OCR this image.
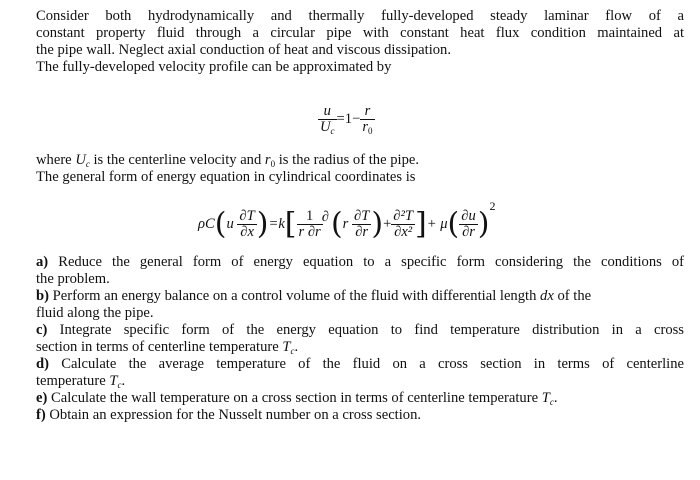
Consider both hydrodynamically and thermally fully-developed steady laminar flow of a
constant property fluid through a circular pipe with constant heat flux condition maintained at
the pipe wall. Neglect axial conduction of heat and viscous dissipation.
The fully-developed velocity profile can be approximated by
$\frac{u}{U_c} =1- \frac{r}{r_0}$
where $U_c$ is the centerline velocity and $r_0$ is the radius of the pipe.
The general form of energy equation in cylindrical coordinates is
$\rho C(u \frac{\partial T}{\partial x} )=k[ \frac{1}{r \partial r}$ ∂
($r \frac{\partial T}{\partial r}$ )+ $\frac{\text{∂²T}}{\text{∂x²}}$ ]+ $\mu( \frac{\partial u}{\partial r} )^2$
a) Reduce the general form of energy equation to a specific form considering the conditions of
the problem.
b) Perform an energy balance on a control volume of the fluid with differential length dx of the
fluid along the pipe.
c) Integrate specific form of the energy equation to find temperature distribution in a cross
section in terms of centerline temperature $T_c$.
d) Calculate the average temperature of the fluid on a cross section in terms of centerline
temperature $T_c$.
e) Calculate the wall temperature on a cross section in terms of centerline temperature $T_c$.
f) Obtain an expression for the Nusselt number on a cross section.
